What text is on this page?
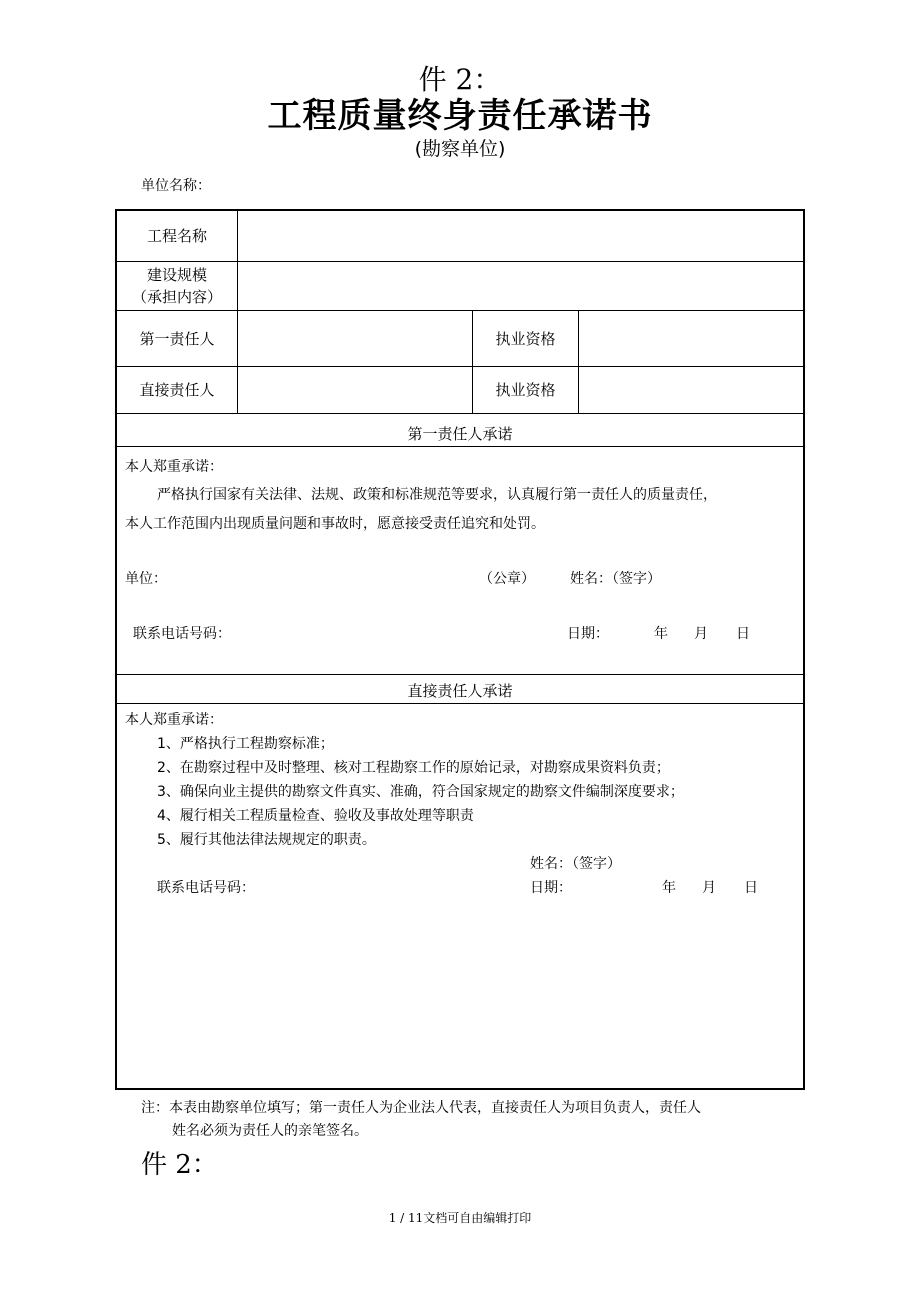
件 2：
工程质量终身责任承诺书
(勘察单位)
单位名称：
工程名称
建设规模
（承担内容）
第一责任人	执业资格
直接责任人	执业资格
第一责任人承诺
本人郑重承诺：
严格执行国家有关法律、法规、政策和标准规范等要求，认真履行第一责任人的质量责任，
本人工作范围内出现质量问题和事故时，愿意接受责任追究和处罚。
单位：	（公章）	姓名：（签字）
联系电话号码：	日期：	年 月 日
直接责任人承诺
本人郑重承诺：
1、严格执行工程勘察标准；
2、在勘察过程中及时整理、核对工程勘察工作的原始记录，对勘察成果资料负责；
3、确保向业主提供的勘察文件真实、准确，符合国家规定的勘察文件编制深度要求；
4、履行相关工程质量检查、验收及事故处理等职责
5、履行其他法律法规规定的职责。
姓名：（签字）
联系电话号码：	日期：	年 月 日
注：本表由勘察单位填写；第一责任人为企业法人代表，直接责任人为项目负责人，责任人
姓名必须为责任人的亲笔签名。
件 2：
1 / 11文档可自由编辑打印
